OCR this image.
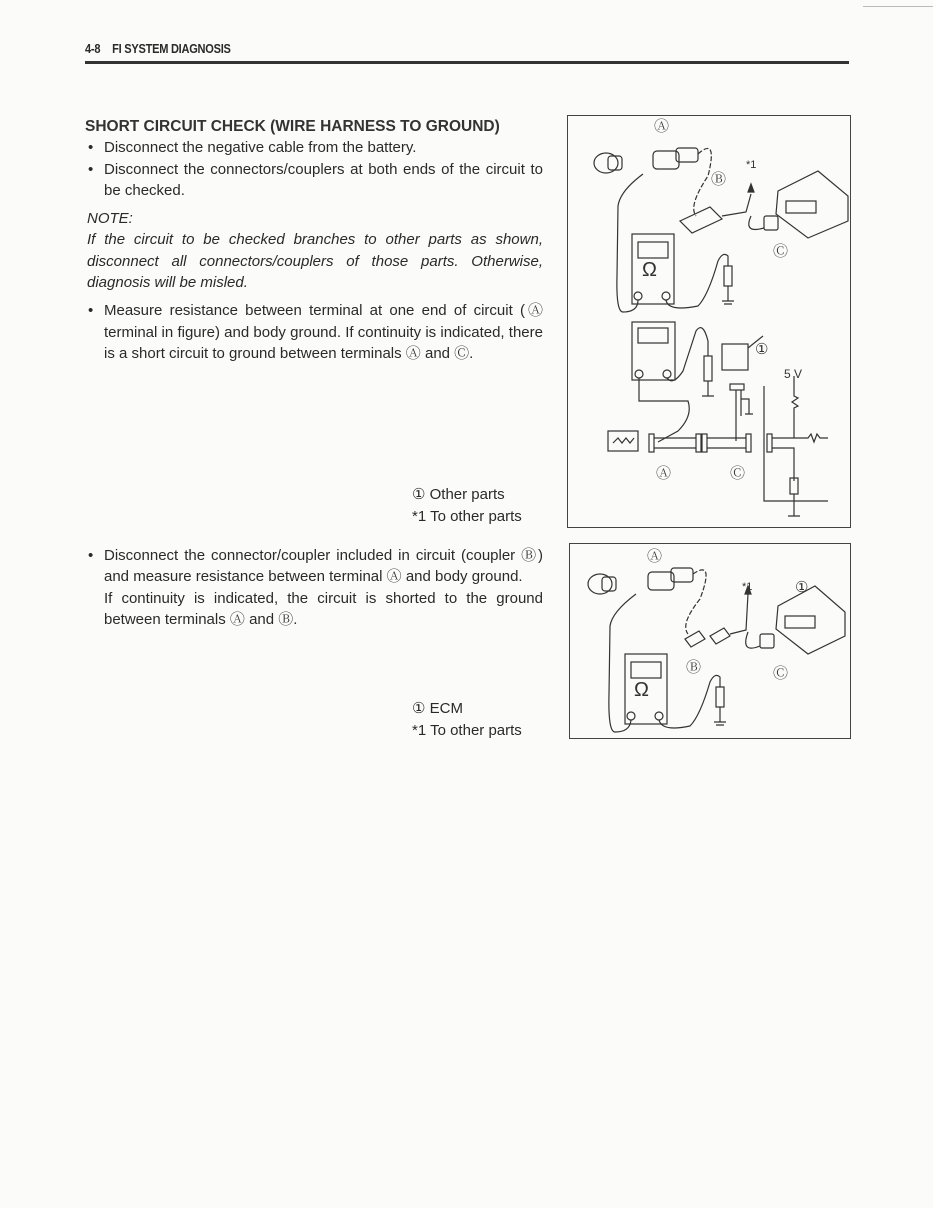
4-8 FI SYSTEM DIAGNOSIS
SHORT CIRCUIT CHECK (WIRE HARNESS TO GROUND)
• Disconnect the negative cable from the battery.
• Disconnect the connectors/couplers at both ends of the circuit to be checked.
NOTE:
If the circuit to be checked branches to other parts as shown, disconnect all connectors/couplers of those parts. Otherwise, diagnosis will be misled.
• Measure resistance between terminal at one end of circuit (Ⓐ terminal in figure) and body ground. If continuity is indicated, there is a short circuit to ground between terminals Ⓐ and Ⓒ.
① Other parts
*1 To other parts
• Disconnect the connector/coupler included in circuit (coupler Ⓑ) and measure resistance between terminal Ⓐ and body ground.
If continuity is indicated, the circuit is shorted to the ground between terminals Ⓐ and Ⓑ.
① ECM
*1 To other parts
Ω
Ⓐ
Ⓑ
*1
Ⓒ
5 V
①
Ⓐ	Ⓒ
Ω
Ⓐ
Ⓑ
*1	①
Ⓒ
